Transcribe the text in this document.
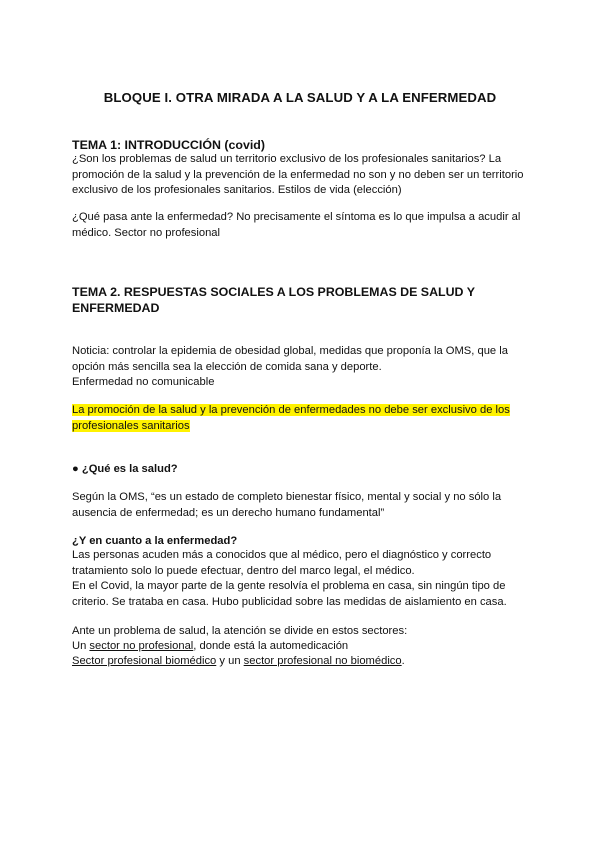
BLOQUE I. OTRA MIRADA A LA SALUD Y A LA ENFERMEDAD
TEMA 1: INTRODUCCIÓN (covid)
¿Son los problemas de salud un territorio exclusivo de los profesionales sanitarios? La promoción de la salud y la prevención de la enfermedad no son y no deben ser un territorio exclusivo de los profesionales sanitarios. Estilos de vida (elección)
¿Qué pasa ante la enfermedad? No precisamente el síntoma es lo que impulsa a acudir al médico. Sector no profesional
TEMA 2. RESPUESTAS SOCIALES A LOS PROBLEMAS DE SALUD Y ENFERMEDAD
Noticia: controlar la epidemia de obesidad global, medidas que proponía la OMS, que la opción más sencilla sea la elección de comida sana y deporte.
Enfermedad no comunicable
La promoción de la salud y la prevención de enfermedades no debe ser exclusivo de los profesionales sanitarios
● ¿Qué es la salud?
Según la OMS, “es un estado de completo bienestar físico, mental y social y no sólo la ausencia de enfermedad; es un derecho humano fundamental”
¿Y en cuanto a la enfermedad?
Las personas acuden más a conocidos que al médico, pero el diagnóstico y correcto tratamiento solo lo puede efectuar, dentro del marco legal, el médico.
En el Covid, la mayor parte de la gente resolvía el problema en casa, sin ningún tipo de criterio. Se trataba en casa. Hubo publicidad sobre las medidas de aislamiento en casa.
Ante un problema de salud, la atención se divide en estos sectores:
Un sector no profesional, donde está la automedicación
Sector profesional biomédico y un sector profesional no biomédico.
